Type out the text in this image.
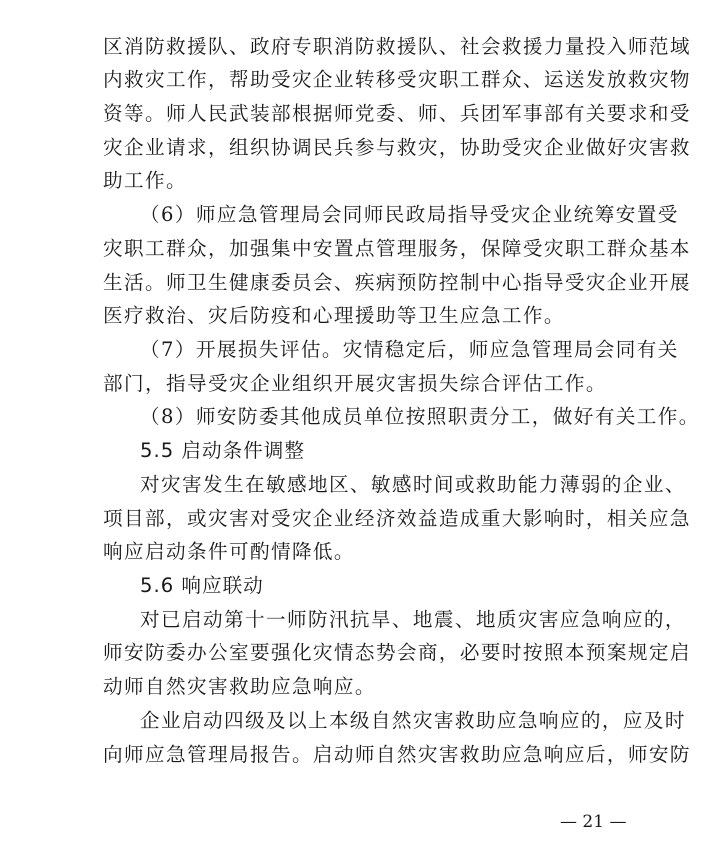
区消防救援队、政府专职消防救援队、社会救援力量投入师范域
内救灾工作，帮助受灾企业转移受灾职工群众、运送发放救灾物
资等。师人民武装部根据师党委、师、兵团军事部有关要求和受
灾企业请求，组织协调民兵参与救灾，协助受灾企业做好灾害救
助工作。
（6）师应急管理局会同师民政局指导受灾企业统筹安置受
灾职工群众，加强集中安置点管理服务，保障受灾职工群众基本
生活。师卫生健康委员会、疾病预防控制中心指导受灾企业开展
医疗救治、灾后防疫和心理援助等卫生应急工作。
（7）开展损失评估。灾情稳定后，师应急管理局会同有关
部门，指导受灾企业组织开展灾害损失综合评估工作。
（8）师安防委其他成员单位按照职责分工，做好有关工作。
5.5 启动条件调整
对灾害发生在敏感地区、敏感时间或救助能力薄弱的企业、
项目部，或灾害对受灾企业经济效益造成重大影响时，相关应急
响应启动条件可酌情降低。
5.6 响应联动
对已启动第十一师防汛抗旱、地震、地质灾害应急响应的，
师安防委办公室要强化灾情态势会商，必要时按照本预案规定启
动师自然灾害救助应急响应。
企业启动四级及以上本级自然灾害救助应急响应的，应及时
向师应急管理局报告。启动师自然灾害救助应急响应后，师安防
— 21 —
